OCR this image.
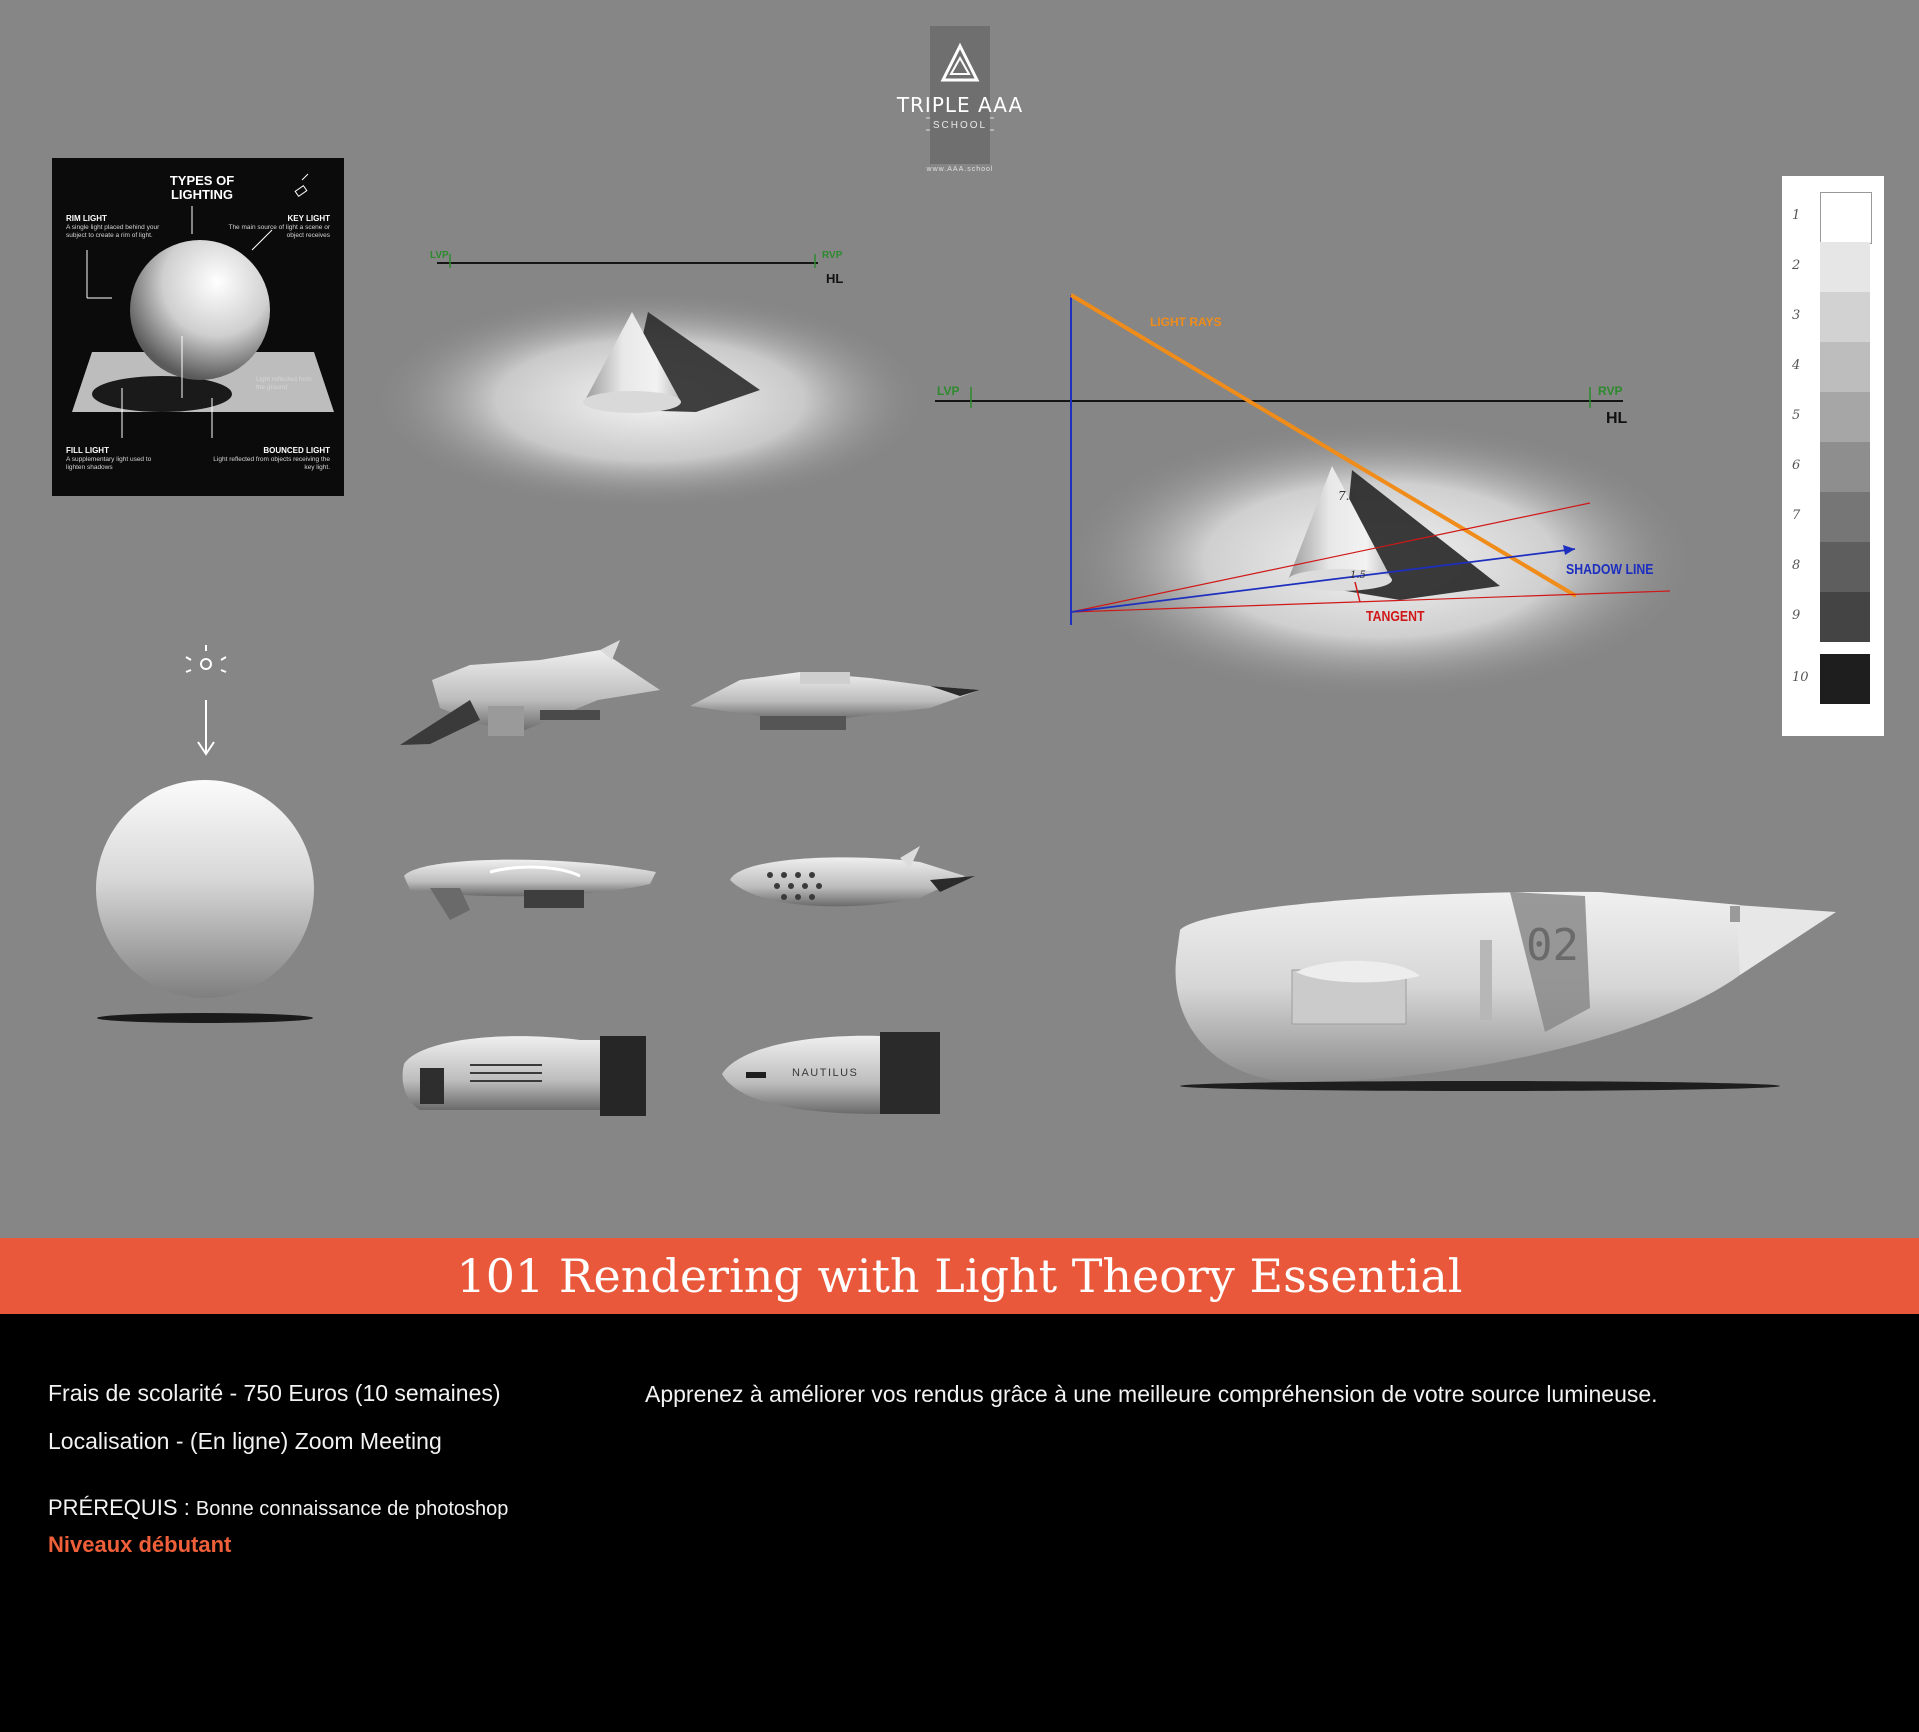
7.5
1.5
TRIPLE AAA
SCHOOL
www.AAA.school
TYPES OF LIGHTING
RIM LIGHT
A single light placed behind your subject to create a rim of light.
KEY LIGHT
The main source of light a scene or object receives
Light reflected from the ground
FILL LIGHT
A supplementary light used to lighten shadows
BOUNCED LIGHT
Light reflected from objects receiving the key light.
LVP	RVP
HL
LVP	RVP
HL
LIGHT RAYS
SHADOW LINE
TANGENT
1
2
3
4
5
6
7
8
9
10
NAUTILUS
02
101 Rendering with Light Theory Essential
Frais de scolarité - 750 Euros (10 semaines)
Localisation - (En ligne) Zoom Meeting
PRÉREQUIS : Bonne connaissance de photoshop
Niveaux débutant
Apprenez à améliorer vos rendus grâce à une meilleure compréhension de votre source lumineuse.
